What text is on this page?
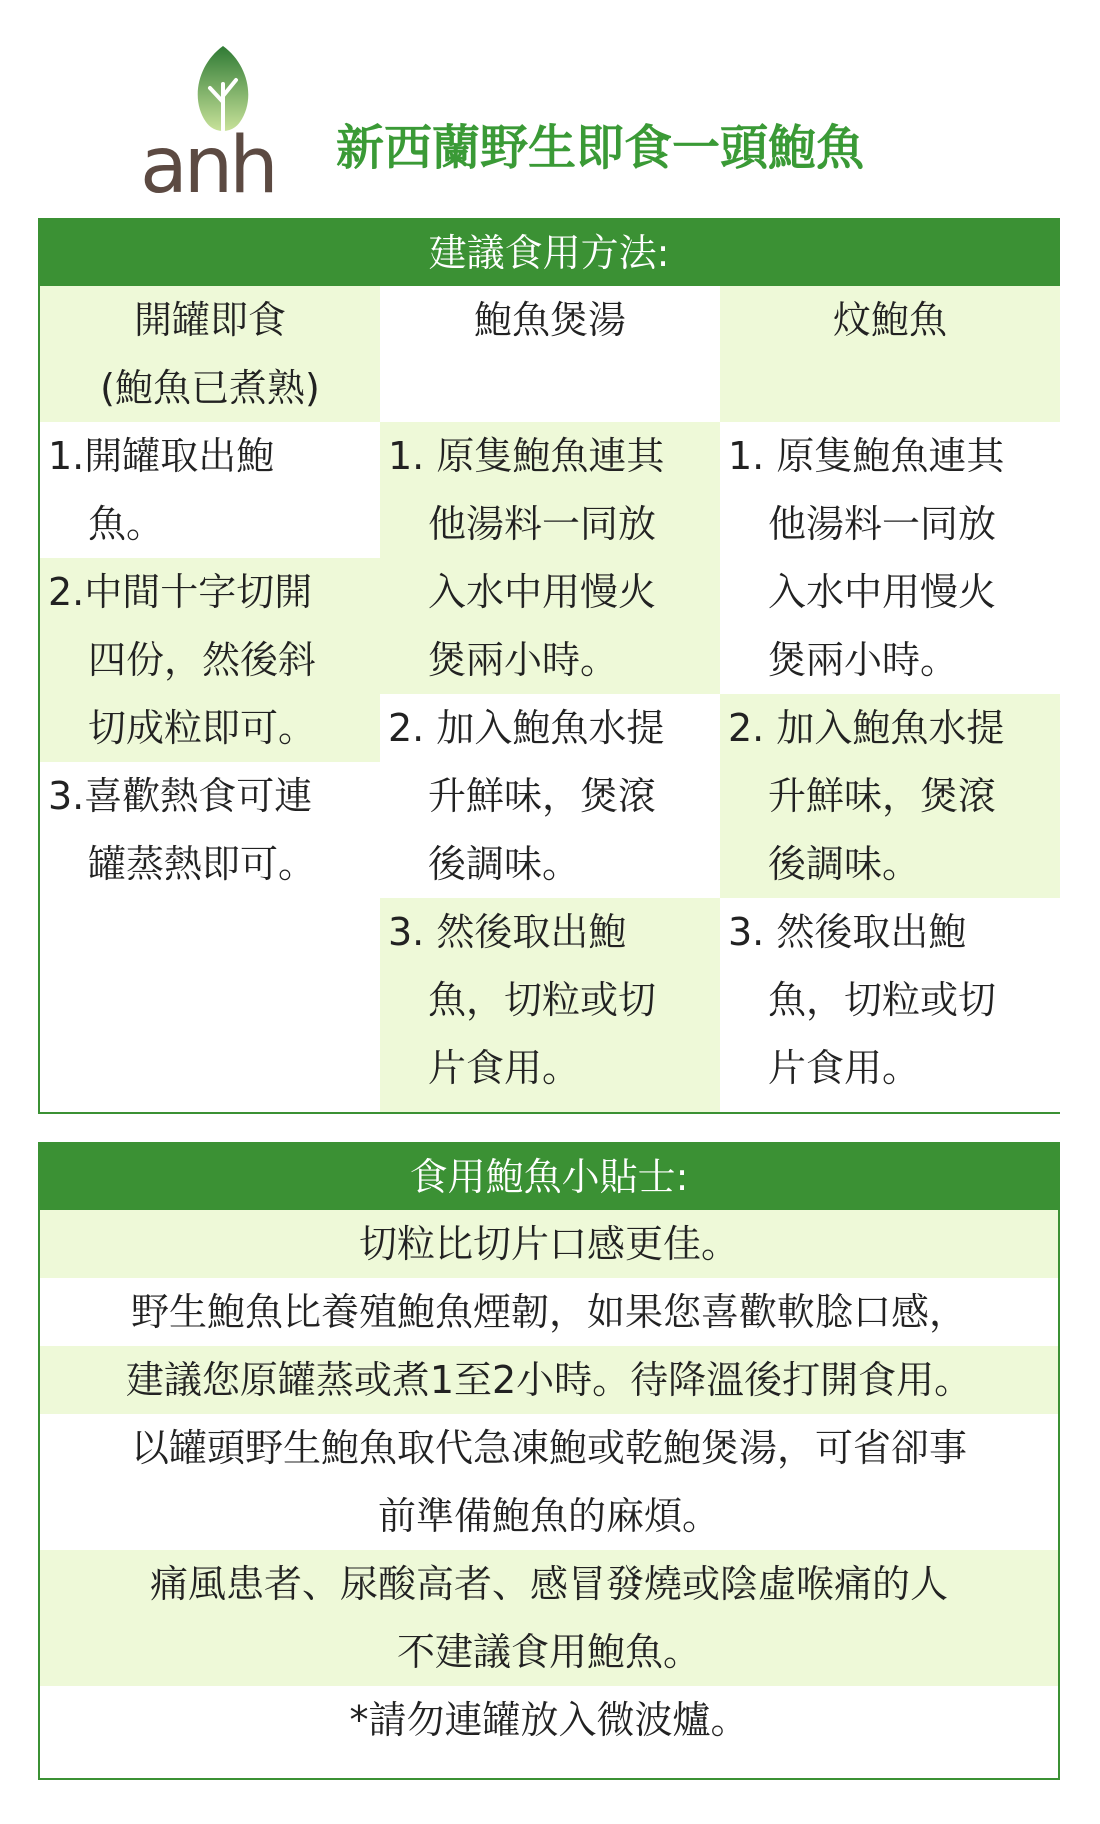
anh 新西蘭野生即食一頭鮑魚
建議食用方法:
開罐即食
(鮑魚已煮熟)
1.開罐取出鮑
魚。
2.中間十字切開
四份，然後斜
切成粒即可。
3.喜歡熱食可連
罐蒸熱即可。
鮑魚煲湯
1. 原隻鮑魚連其
他湯料一同放
入水中用慢火
煲兩小時。
2. 加入鮑魚水提
升鮮味，煲滾
後調味。
3. 然後取出鮑
魚，切粒或切
片食用。
炆鮑魚
1. 原隻鮑魚連其
他湯料一同放
入水中用慢火
煲兩小時。
2. 加入鮑魚水提
升鮮味，煲滾
後調味。
3. 然後取出鮑
魚，切粒或切
片食用。
食用鮑魚小貼士:
切粒比切片口感更佳。
野生鮑魚比養殖鮑魚煙韌，如果您喜歡軟腍口感，
建議您原罐蒸或煮1至2小時。待降溫後打開食用。
以罐頭野生鮑魚取代急凍鮑或乾鮑煲湯，可省卻事
前準備鮑魚的麻煩。
痛風患者、尿酸高者、感冒發燒或陰虛喉痛的人
不建議食用鮑魚。
*請勿連罐放入微波爐。
